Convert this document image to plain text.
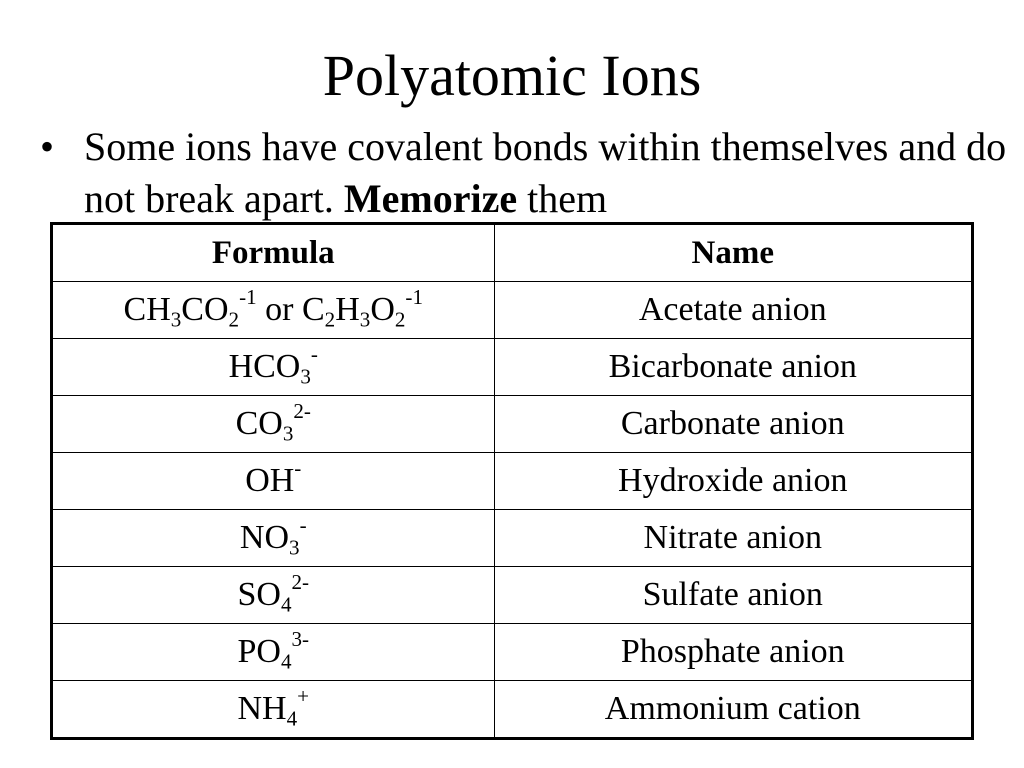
Polyatomic Ions
• Some ions have covalent bonds within themselves and do not break apart. Memorize them
Formula	Name
$CH_3CO_2^{-1}$ or $C_2H_3O_2^{-1}$	Acetate anion
$HCO_3^-$	Bicarbonate anion
$CO_3^{2-}$	Carbonate anion
OH-	Hydroxide anion
$NO_3^-$	Nitrate anion
$SO_4^{2-}$	Sulfate anion
$PO_4^{3-}$	Phosphate anion
$NH_4^+$	Ammonium cation
